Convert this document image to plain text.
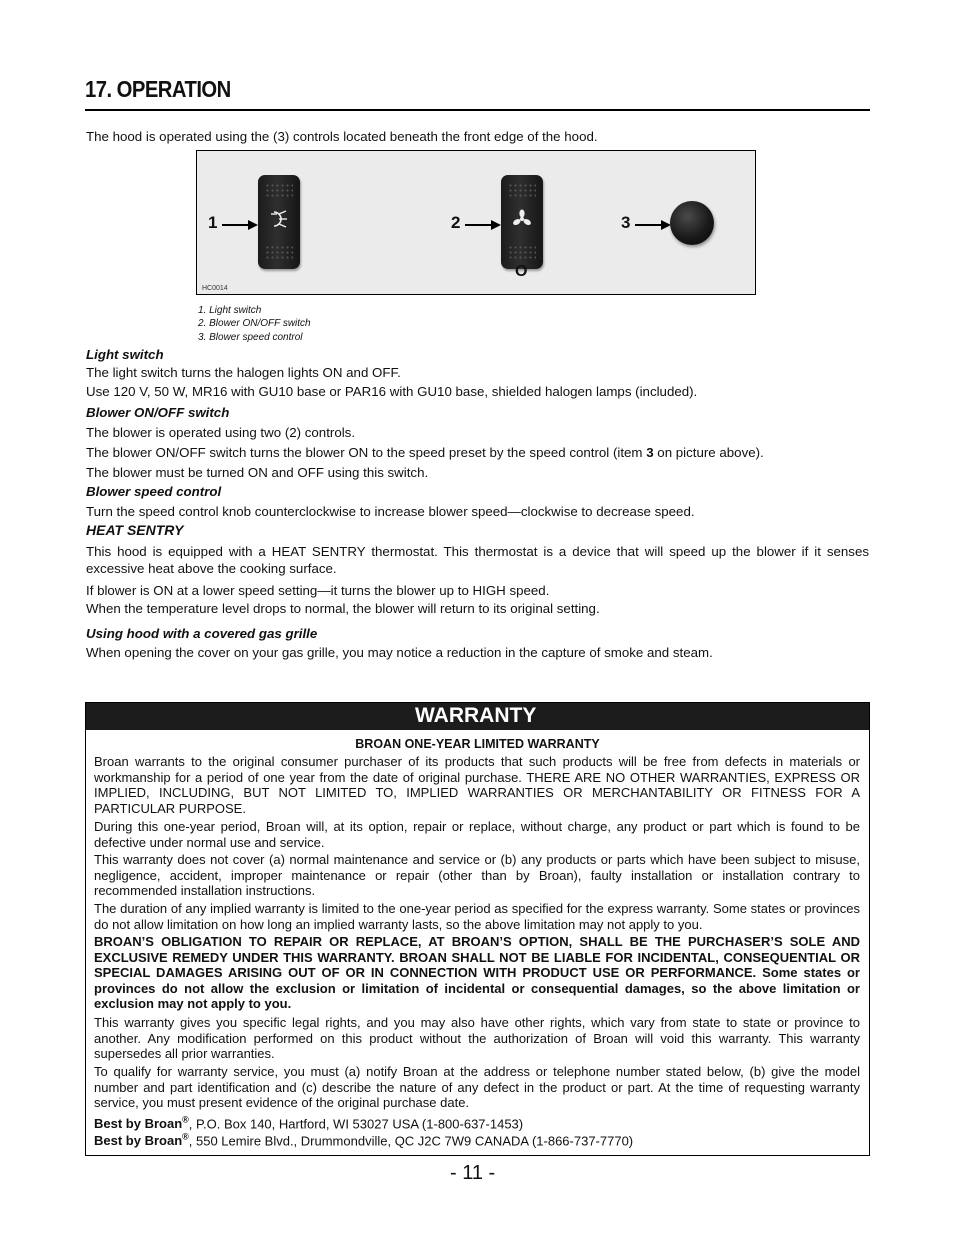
17. OPERATION

The hood is operated using the (3) controls located beneath the front edge of the hood.

1	2
O
3
HC0014

1. Light switch

2. Blower ON/OFF switch

3. Blower speed control

Light switch

The light switch turns the halogen lights ON and OFF.

Use 120 V, 50 W, MR16 with GU10 base or PAR16 with GU10 base, shielded halogen lamps (included).

Blower ON/OFF switch

The blower is operated using two (2) controls.

The blower ON/OFF switch turns the blower ON to the speed preset by the speed control (item 3 on picture above).

The blower must be turned ON and OFF using this switch.

Blower speed control

Turn the speed control knob counterclockwise to increase blower speed—clockwise to decrease speed.

HEAT SENTRY

This hood is equipped with a HEAT SENTRY thermostat. This thermostat is a device that will speed up the blower if it senses excessive heat above the cooking surface.

If blower is ON at a lower speed setting—it turns the blower up to HIGH speed.

When the temperature level drops to normal, the blower will return to its original setting.

Using hood with a covered gas grille

When opening the cover on your gas grille, you may notice a reduction in the capture of smoke and steam.

WARRANTY

BROAN ONE-YEAR LIMITED WARRANTY

Broan warrants to the original consumer purchaser of its products that such products will be free from defects in materials or workmanship for a period of one year from the date of original purchase. THERE ARE NO OTHER WARRANTIES, EXPRESS OR IMPLIED, INCLUDING, BUT NOT LIMITED TO, IMPLIED WARRANTIES OR MERCHANTABILITY OR FITNESS FOR A PARTICULAR PURPOSE.

During this one-year period, Broan will, at its option, repair or replace, without charge, any product or part which is found to be defective under normal use and service.

This warranty does not cover (a) normal maintenance and service or (b) any products or parts which have been subject to misuse, negligence, accident, improper maintenance or repair (other than by Broan), faulty installation or installation contrary to recommended installation instructions.

The duration of any implied warranty is limited to the one-year period as specified for the express warranty. Some states or provinces do not allow limitation on how long an implied warranty lasts, so the above limitation may not apply to you.

BROAN’S OBLIGATION TO REPAIR OR REPLACE, AT BROAN’S OPTION, SHALL BE THE PURCHASER’S SOLE AND EXCLUSIVE REMEDY UNDER THIS WARRANTY. BROAN SHALL NOT BE LIABLE FOR INCIDENTAL, CONSEQUENTIAL OR SPECIAL DAMAGES ARISING OUT OF OR IN CONNECTION WITH PRODUCT USE OR PERFORMANCE. Some states or provinces do not allow the exclusion or limitation of incidental or consequential damages, so the above limitation or exclusion may not apply to you.

This warranty gives you specific legal rights, and you may also have other rights, which vary from state to state or province to another. Any modification performed on this product without the authorization of Broan will void this warranty. This warranty supersedes all prior warranties.

To qualify for warranty service, you must (a) notify Broan at the address or telephone number stated below, (b) give the model number and part identification and (c) describe the nature of any defect in the product or part. At the time of requesting warranty service, you must present evidence of the original purchase date.

Best by Broan®, P.O. Box 140, Hartford, WI 53027 USA (1-800-637-1453)

Best by Broan®, 550 Lemire Blvd., Drummondville, QC J2C 7W9 CANADA (1-866-737-7770)

- 11 -
